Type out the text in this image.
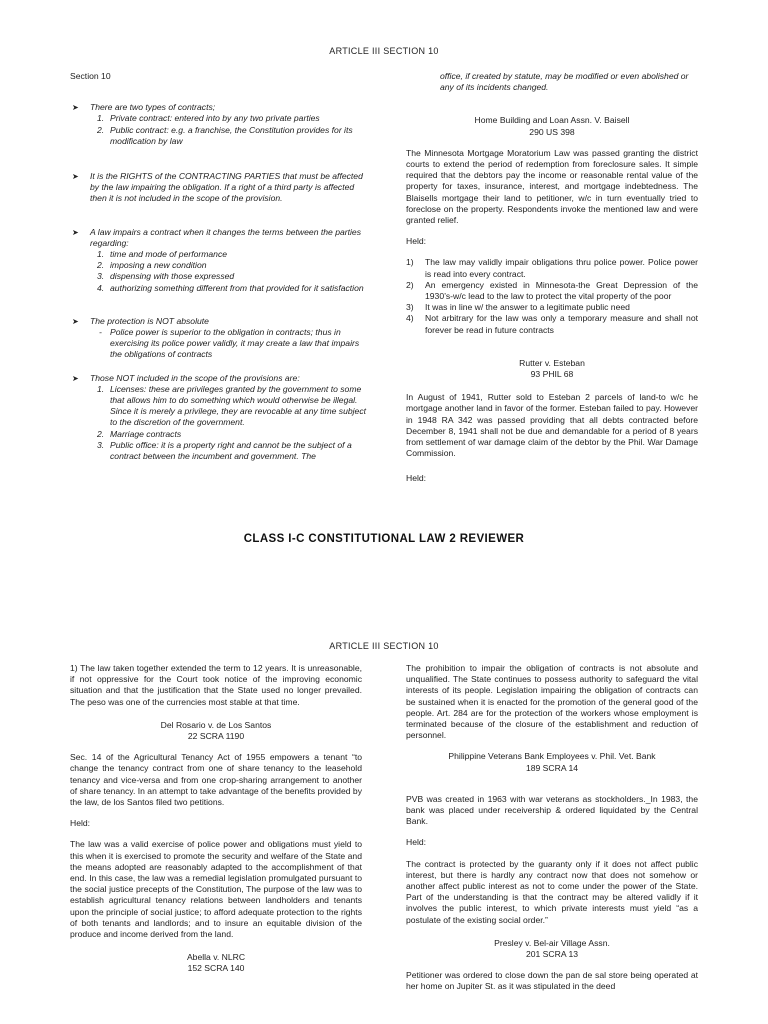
ARTICLE III SECTION 10
Section 10
➤ There are two types of contracts;
1. Private contract: entered into by any two private parties
2. Public contract: e.g. a franchise, the Constitution provides for its modification by law
➤ It is the RIGHTS of the CONTRACTING PARTIES that must be affected by the law impairing the obligation. If a right of a third party is affected then it is not included in the scope of the provision.
➤ A law impairs a contract when it changes the terms between the parties regarding:
1. time and mode of performance
2. imposing a new condition
3. dispensing with those expressed
4. authorizing something different from that provided for it satisfaction
➤ The protection is NOT absolute
- Police power is superior to the obligation in contracts; thus in exercising its police power validly, it may create a law that impairs the obligations of contracts
➤ Those NOT included in the scope of the provisions are:
1. Licenses: these are privileges granted by the government to some that allows him to do something which would otherwise be illegal. Since it is merely a privilege, they are revocable at any time subject to the discretion of the government.
2. Marriage contracts
3. Public office: it is a property right and cannot be the subject of a contract between the incumbent and government. The
office, if created by statute, may be modified or even abolished or any of its incidents changed.
Home Building and Loan Assn. V. Baisell
290 US 398
The Minnesota Mortgage Moratorium Law was passed granting the district courts to extend the period of redemption from foreclosure sales. It simple required that the debtors pay the income or reasonable rental value of the property for taxes, insurance, interest, and mortgage indebtedness. The Blaisells mortgage their land to petitioner, w/c in turn eventually tried to foreclose on the property. Respondents invoke the mentioned law and were granted relief.
Held:
1) The law may validly impair obligations thru police power. Police power is read into every contract.
2) An emergency existed in Minnesota-the Great Depression of the 1930’s-w/c lead to the law to protect the vital property of the poor
3) It was in line w/ the answer to a legitimate public need
4) Not arbitrary for the law was only a temporary measure and shall not forever be read in future contracts
Rutter v. Esteban
93 PHIL 68
In August of 1941, Rutter sold to Esteban 2 parcels of land-to w/c he mortgage another land in favor of the former. Esteban failed to pay. However in 1948 RA 342 was passed providing that all debts contracted before December 8, 1941 shall not be due and demandable for a period of 8 years from settlement of war damage claim of the debtor by the Phil. War Damage Commission.
Held:
CLASS I-C CONSTITUTIONAL LAW 2 REVIEWER
ARTICLE III SECTION 10
1) The law taken together extended the term to 12 years. It is unreasonable, if not oppressive for the Court took notice of the improving economic situation and that the justification that the State used no longer prevailed. The peso was one of the currencies most stable at that time.
Del Rosario v. de Los Santos
22 SCRA 1190
Sec. 14 of the Agricultural Tenancy Act of 1955 empowers a tenant “to change the tenancy contract from one of share tenancy to the leasehold tenancy and vice-versa and from one crop-sharing arrangement to another of share tenancy. In an attempt to take advantage of the benefits provided by the law, de los Santos filed two petitions.
Held:
The law was a valid exercise of police power and obligations must yield to this when it is exercised to promote the security and welfare of the State and the means adopted are reasonably adapted to the accomplishment of that end. In this case, the law was a remedial legislation promulgated pursuant to the social justice precepts of the Constitution, The purpose of the law was to establish agricultural tenancy relations between landholders and tenants upon the principle of social justice; to afford adequate protection to the rights of both tenants and landlords; and to insure an equitable division of the produce and income derived from the land.
Abella v. NLRC
152 SCRA 140
The prohibition to impair the obligation of contracts is not absolute and unqualified. The State continues to possess authority to safeguard the vital interests of its people. Legislation impairing the obligation of contracts can be sustained when it is enacted for the promotion of the general good of the people. Art. 284 are for the protection of the workers whose employment is terminated because of the closure of the establishment and reduction of personnel.
Philippine Veterans Bank Employees v. Phil. Vet. Bank
189 SCRA 14
PVB was created in 1963 with war veterans as stockholders._In 1983, the bank was placed under receivership & ordered liquidated by the Central Bank.
Held:
The contract is protected by the guaranty only if it does not affect public interest, but there is hardly any contract now that does not somehow or another affect public interest as not to come under the power of the State. Part of the understanding is that the contract may be altered validly if it involves the public interest, to which private interests must yield “as a postulate of the existing social order.”
Presley v. Bel-air Village Assn.
201 SCRA 13
Petitioner was ordered to close down the pan de sal store being operated at her home on Jupiter St. as it was stipulated in the deed
